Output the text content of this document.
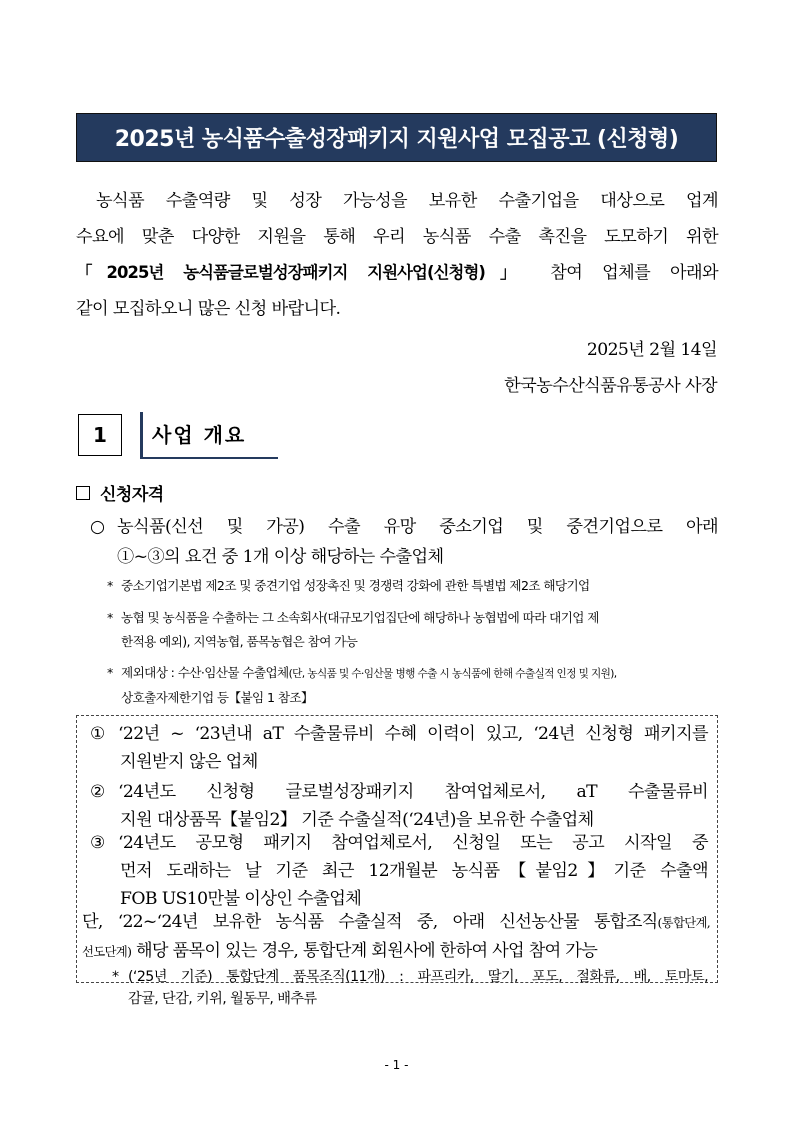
2025년 농식품수출성장패키지 지원사업 모집공고 (신청형)
농식품 수출역량 및 성장 가능성을 보유한 수출기업을 대상으로 업계
수요에 맞춘 다양한 지원을 통해 우리 농식품 수출 촉진을 도모하기 위한
「2025년 농식품글로벌성장패키지 지원사업(신청형)」 참여 업체를 아래와
같이 모집하오니 많은 신청 바랍니다.
2025년 2월 14일
한국농수산식품유통공사 사장
1	사업 개요
신청자격
○ 농식품(신선 및 가공) 수출 유망 중소기업 및 중견기업으로 아래
①~③의 요건 중 1개 이상 해당하는 수출업체
* 중소기업기본법 제2조 및 중견기업 성장촉진 및 경쟁력 강화에 관한 특별법 제2조 해당기업
* 농협 및 농식품을 수출하는 그 소속회사(대규모기업집단에 해당하나 농협법에 따라 대기업 제
한적용 예외), 지역농협, 품목농협은 참여 가능
* 제외대상 : 수산·임산물 수출업체(단, 농식품 및 수·임산물 병행 수출 시 농식품에 한해 수출실적 인정 및 지원),
상호출자제한기업 등【붙임 1 참조】
① ‘22년 ~ ‘23년내 aT 수출물류비 수혜 이력이 있고, ‘24년 신청형 패키지를
지원받지 않은 업체
② ‘24년도 신청형 글로벌성장패키지 참여업체로서, aT 수출물류비
지원 대상품목【붙임2】 기준 수출실적(‘24년)을 보유한 수출업체
③ ‘24년도 공모형 패키지 참여업체로서, 신청일 또는 공고 시작일 중
먼저 도래하는 날 기준 최근 12개월분 농식품【붙임2】기준 수출액
FOB US10만불 이상인 수출업체
단, ‘22~‘24년 보유한 농식품 수출실적 중, 아래 신선농산물 통합조직(통합단계,
선도단계) 해당 품목이 있는 경우, 통합단계 회원사에 한하여 사업 참여 가능
* (‘25년 기준) 통합단계 품목조직(11개) : 파프리카, 딸기, 포도, 절화류, 배, 토마토,
감귤, 단감, 키위, 월동무, 배추류
- 1 -
